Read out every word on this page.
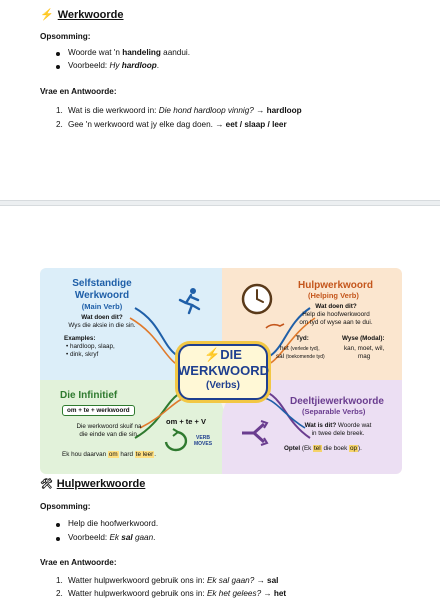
⚡ Werkwoorde
Opsomming:
Woorde wat 'n handeling aandui.
Voorbeeld: Hy hardloop.
Vrae en Antwoorde:
1. Wat is die werkwoord in: Die hond hardloop vinnig? → hardloop
2. Gee 'n werkwoord wat jy elke dag doen. → eet / slaap / leer
⚡DIE
WERKWOORD
(Verbs)
Selfstandige
Werkwoord
(Main Verb)
Wat doen dit?
Wys die aksie in die sin.
Examples:
• hardloop, slaap,
• dink, skryf
Hulpwerkwoord
(Helping Verb)
Wat doen dit?
Help die hoofwerkwoord
om tyd of wyse aan te dui.
Tyd:
het (verlede tyd),
sal (toekomende tyd)
Wyse (Modal):
kan, moet, wil,
mag
Die Infinitief
om + te + werkwoord
Die werkwoord skuif na
die einde van die sin.
om + te + V
VERB
MOVES
Ek hou daarvan om hard te leer.
Deeltjiewerkwoorde
(Separable Verbs)
Wat is dit? Woorde wat
in twee dele breek.
Optel (Ek tel die boek op).
🛠 Hulpwerkwoorde
Opsomming:
Help die hoofwerkwoord.
Voorbeeld: Ek sal gaan.
Vrae en Antwoorde:
1. Watter hulpwerkwoord gebruik ons in: Ek sal gaan? → sal
2. Watter hulpwerkwoord gebruik ons in: Ek het gelees? → het
